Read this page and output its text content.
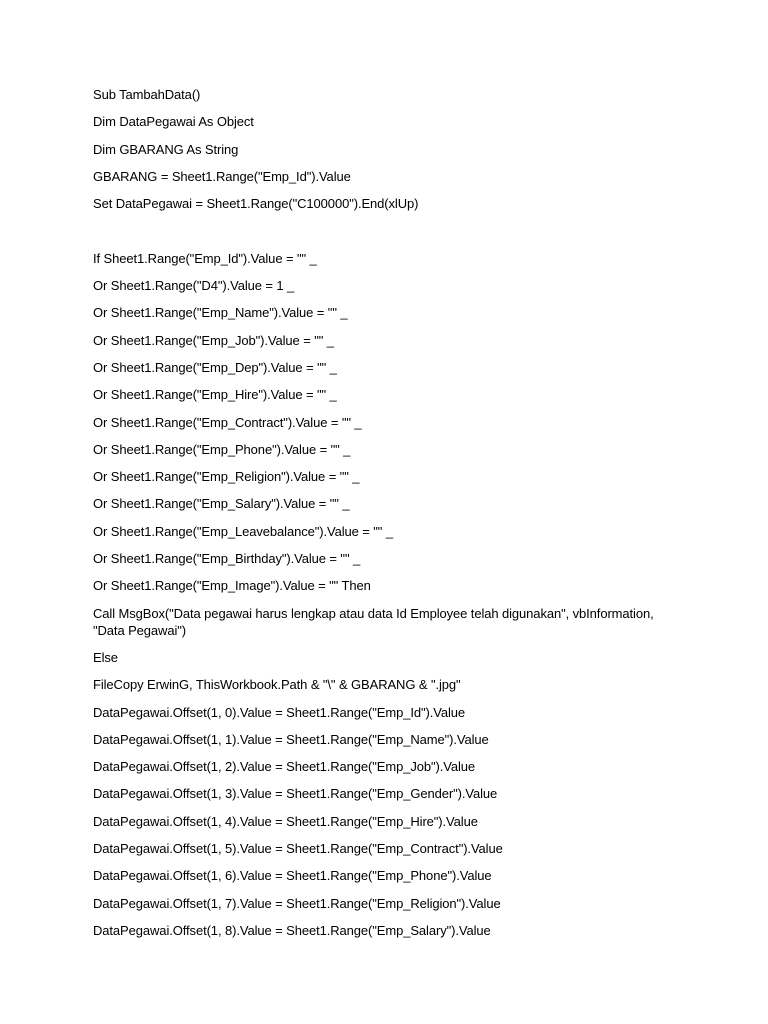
Sub TambahData()
Dim DataPegawai As Object
Dim GBARANG As String
GBARANG = Sheet1.Range("Emp_Id").Value
Set DataPegawai = Sheet1.Range("C100000").End(xlUp)
If Sheet1.Range("Emp_Id").Value = "" _
Or Sheet1.Range("D4").Value = 1 _
Or Sheet1.Range("Emp_Name").Value = "" _
Or Sheet1.Range("Emp_Job").Value = "" _
Or Sheet1.Range("Emp_Dep").Value = "" _
Or Sheet1.Range("Emp_Hire").Value = "" _
Or Sheet1.Range("Emp_Contract").Value = "" _
Or Sheet1.Range("Emp_Phone").Value = "" _
Or Sheet1.Range("Emp_Religion").Value = "" _
Or Sheet1.Range("Emp_Salary").Value = "" _
Or Sheet1.Range("Emp_Leavebalance").Value = "" _
Or Sheet1.Range("Emp_Birthday").Value = "" _
Or Sheet1.Range("Emp_Image").Value = "" Then
Call MsgBox("Data pegawai harus lengkap atau data Id Employee telah digunakan", vbInformation, "Data Pegawai")
Else
FileCopy ErwinG, ThisWorkbook.Path & "\" & GBARANG & ".jpg"
DataPegawai.Offset(1, 0).Value = Sheet1.Range("Emp_Id").Value
DataPegawai.Offset(1, 1).Value = Sheet1.Range("Emp_Name").Value
DataPegawai.Offset(1, 2).Value = Sheet1.Range("Emp_Job").Value
DataPegawai.Offset(1, 3).Value = Sheet1.Range("Emp_Gender").Value
DataPegawai.Offset(1, 4).Value = Sheet1.Range("Emp_Hire").Value
DataPegawai.Offset(1, 5).Value = Sheet1.Range("Emp_Contract").Value
DataPegawai.Offset(1, 6).Value = Sheet1.Range("Emp_Phone").Value
DataPegawai.Offset(1, 7).Value = Sheet1.Range("Emp_Religion").Value
DataPegawai.Offset(1, 8).Value = Sheet1.Range("Emp_Salary").Value
